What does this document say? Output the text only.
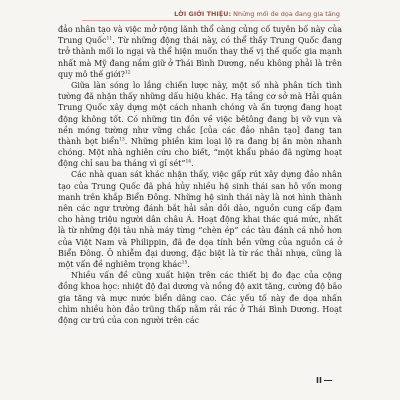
LỜI GIỚI THIỆU: Những mối đe dọa đang gia tăng

đảo nhân tạo và việc mở rộng lãnh thổ càng củng cố tuyên bố này của Trung Quốc$^{11}$. Từ những động thái này, có thể thấy Trung Quốc đang trở thành mối lo ngại và thể hiện muốn thay thế vị thế quốc gia mạnh nhất mà Mỹ đang nắm giữ ở Thái Bình Dương, nếu không phải là trên quy mô thế giới?$^{12}$

Giữa làn sóng lo lắng chiến lược này, một số nhà phân tích tình tường đã nhận thấy những dấu hiệu khác. Hạ tầng cơ sở mà Hải quân Trung Quốc xây dựng một cách nhanh chóng và ấn tượng đang hoạt động không tốt. Có những tin đồn về việc bêtông đang bị vỡ vụn và nền móng tường như vững chắc [của các đảo nhân tạo] đang tan thành bọt biển$^{13}$. Những phiền kim loại lộ ra đang bị ăn mòn nhanh chóng. Một nhà nghiên cứu cho biết, “một khẩu pháo đã ngừng hoạt động chỉ sau ba tháng vì gỉ sét”$^{14}$.

Các nhà quan sát khác nhận thấy, việc gấp rút xây dựng đảo nhân tạo của Trung Quốc đã phá hủy nhiều hệ sinh thái san hô vốn mong manh trên khắp Biển Đông. Những hệ sinh thái này là nơi hình thành nên các ngư trường đánh bắt hải sản dồi dào, nguồn cung cấp đạm cho hàng triệu người dân châu Á. Hoạt động khai thác quá mức, nhất là từ những đội tàu nhà máy từng “chèn ép” các tàu đánh cá nhỏ hơn của Việt Nam và Philippin, đã đe dọa tính bền vững của nguồn cá ở Biển Đông. Ô nhiễm đại dương, đặc biệt là từ rác thải nhựa, cũng là một vấn đề nghiêm trọng khác$^{15}$.

Nhiều vấn đề cũng xuất hiện trên các thiết bị đo đạc của cộng đồng khoa học: nhiệt độ đại dương và nồng độ axit tăng, cường độ bão gia tăng và mực nước biển dâng cao. Các yếu tố này đe dọa nhấn chìm nhiều hòn đảo trũng thấp nằm rải rác ở Thái Bình Dương. Hoạt động cư trú của con người trên các

II
